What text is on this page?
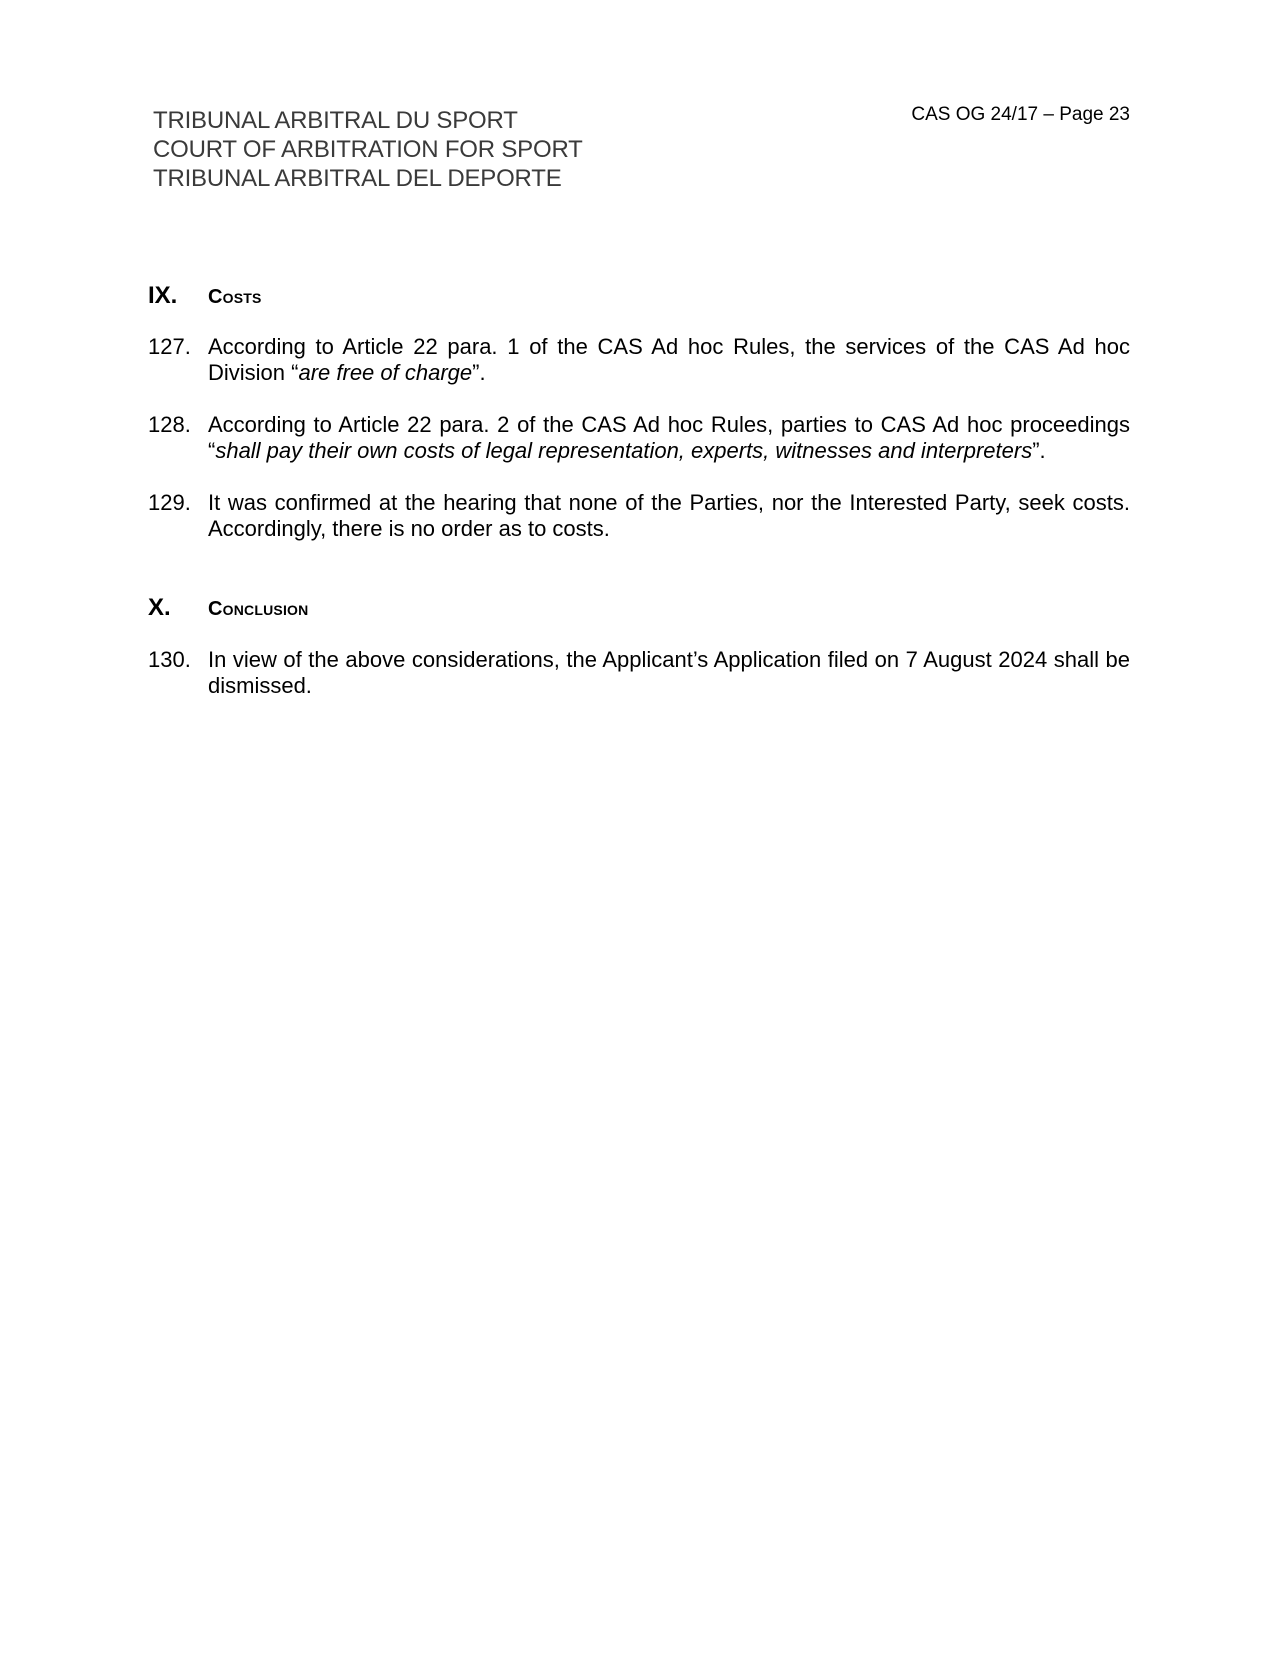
TRIBUNAL ARBITRAL DU SPORT
COURT OF ARBITRATION FOR SPORT
TRIBUNAL ARBITRAL DEL DEPORTE
CAS OG 24/17 – Page 23
IX.	Costs
127. According to Article 22 para. 1 of the CAS Ad hoc Rules, the services of the CAS Ad hoc Division “are free of charge”.
128. According to Article 22 para. 2 of the CAS Ad hoc Rules, parties to CAS Ad hoc proceedings “shall pay their own costs of legal representation, experts, witnesses and interpreters”.
129. It was confirmed at the hearing that none of the Parties, nor the Interested Party, seek costs. Accordingly, there is no order as to costs.
X.	Conclusion
130. In view of the above considerations, the Applicant’s Application filed on 7 August 2024 shall be dismissed.
